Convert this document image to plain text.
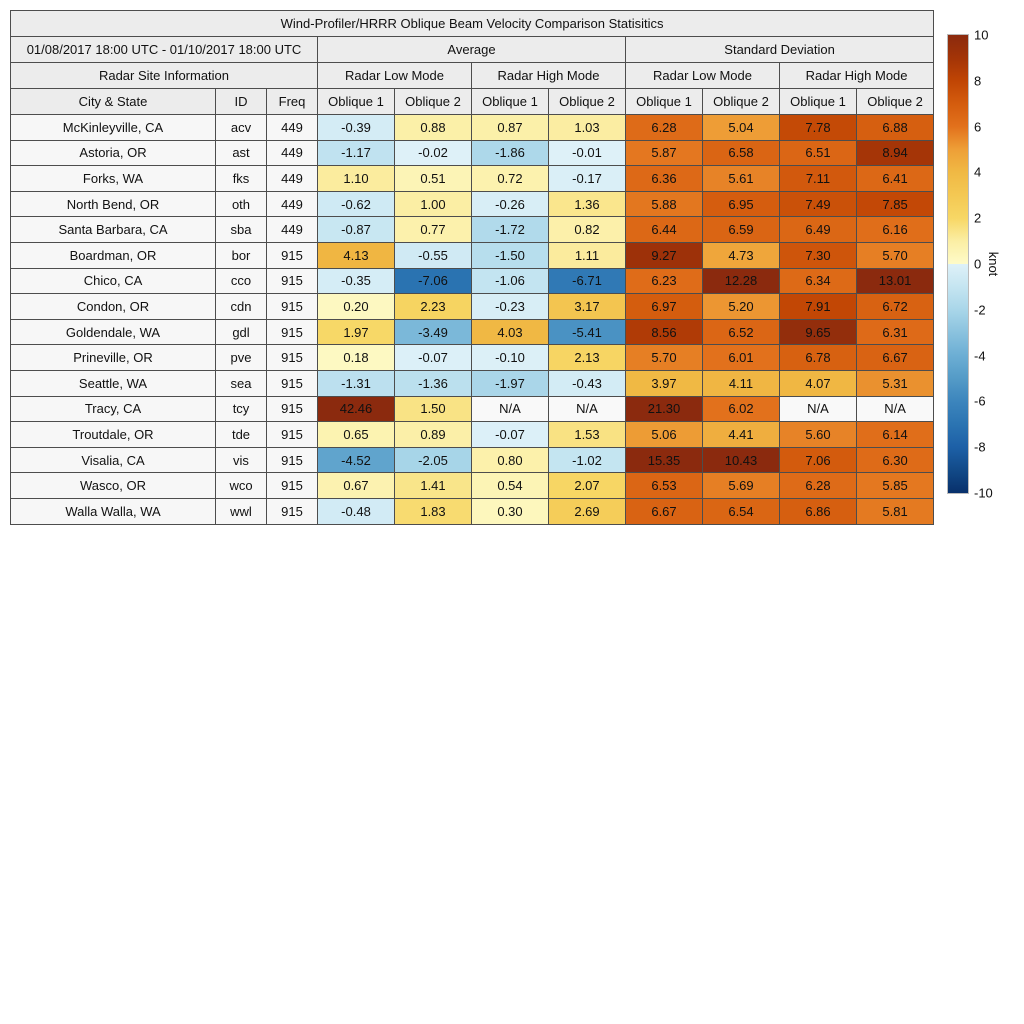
Wind-Profiler/HRRR Oblique Beam Velocity Comparison Statisitics										
01/08/2017 18:00 UTC - 01/10/2017 18:00 UTC			Average				Standard Deviation			
Radar Site Information			Radar Low Mode		Radar High Mode		Radar Low Mode		Radar High Mode	
City & State	ID	Freq	Oblique 1	Oblique 2	Oblique 1	Oblique 2	Oblique 1	Oblique 2	Oblique 1	Oblique 2
McKinleyville, CA	acv	449	-0.39	0.88	0.87	1.03	6.28	5.04	7.78	6.88
Astoria, OR	ast	449	-1.17	-0.02	-1.86	-0.01	5.87	6.58	6.51	8.94
Forks, WA	fks	449	1.10	0.51	0.72	-0.17	6.36	5.61	7.11	6.41
North Bend, OR	oth	449	-0.62	1.00	-0.26	1.36	5.88	6.95	7.49	7.85
Santa Barbara, CA	sba	449	-0.87	0.77	-1.72	0.82	6.44	6.59	6.49	6.16
Boardman, OR	bor	915	4.13	-0.55	-1.50	1.11	9.27	4.73	7.30	5.70
Chico, CA	cco	915	-0.35	-7.06	-1.06	-6.71	6.23	12.28	6.34	13.01
Condon, OR	cdn	915	0.20	2.23	-0.23	3.17	6.97	5.20	7.91	6.72
Goldendale, WA	gdl	915	1.97	-3.49	4.03	-5.41	8.56	6.52	9.65	6.31
Prineville, OR	pve	915	0.18	-0.07	-0.10	2.13	5.70	6.01	6.78	6.67
Seattle, WA	sea	915	-1.31	-1.36	-1.97	-0.43	3.97	4.11	4.07	5.31
Tracy, CA	tcy	915	42.46	1.50	N/A	N/A	21.30	6.02	N/A	N/A
Troutdale, OR	tde	915	0.65	0.89	-0.07	1.53	5.06	4.41	5.60	6.14
Visalia, CA	vis	915	-4.52	-2.05	0.80	-1.02	15.35	10.43	7.06	6.30
Wasco, OR	wco	915	0.67	1.41	0.54	2.07	6.53	5.69	6.28	5.85
Walla Walla, WA	wwl	915	-0.48	1.83	0.30	2.69	6.67	6.54	6.86	5.81
10
8
6
4
2
0
-2
-4
-6
-8
-10
knot
